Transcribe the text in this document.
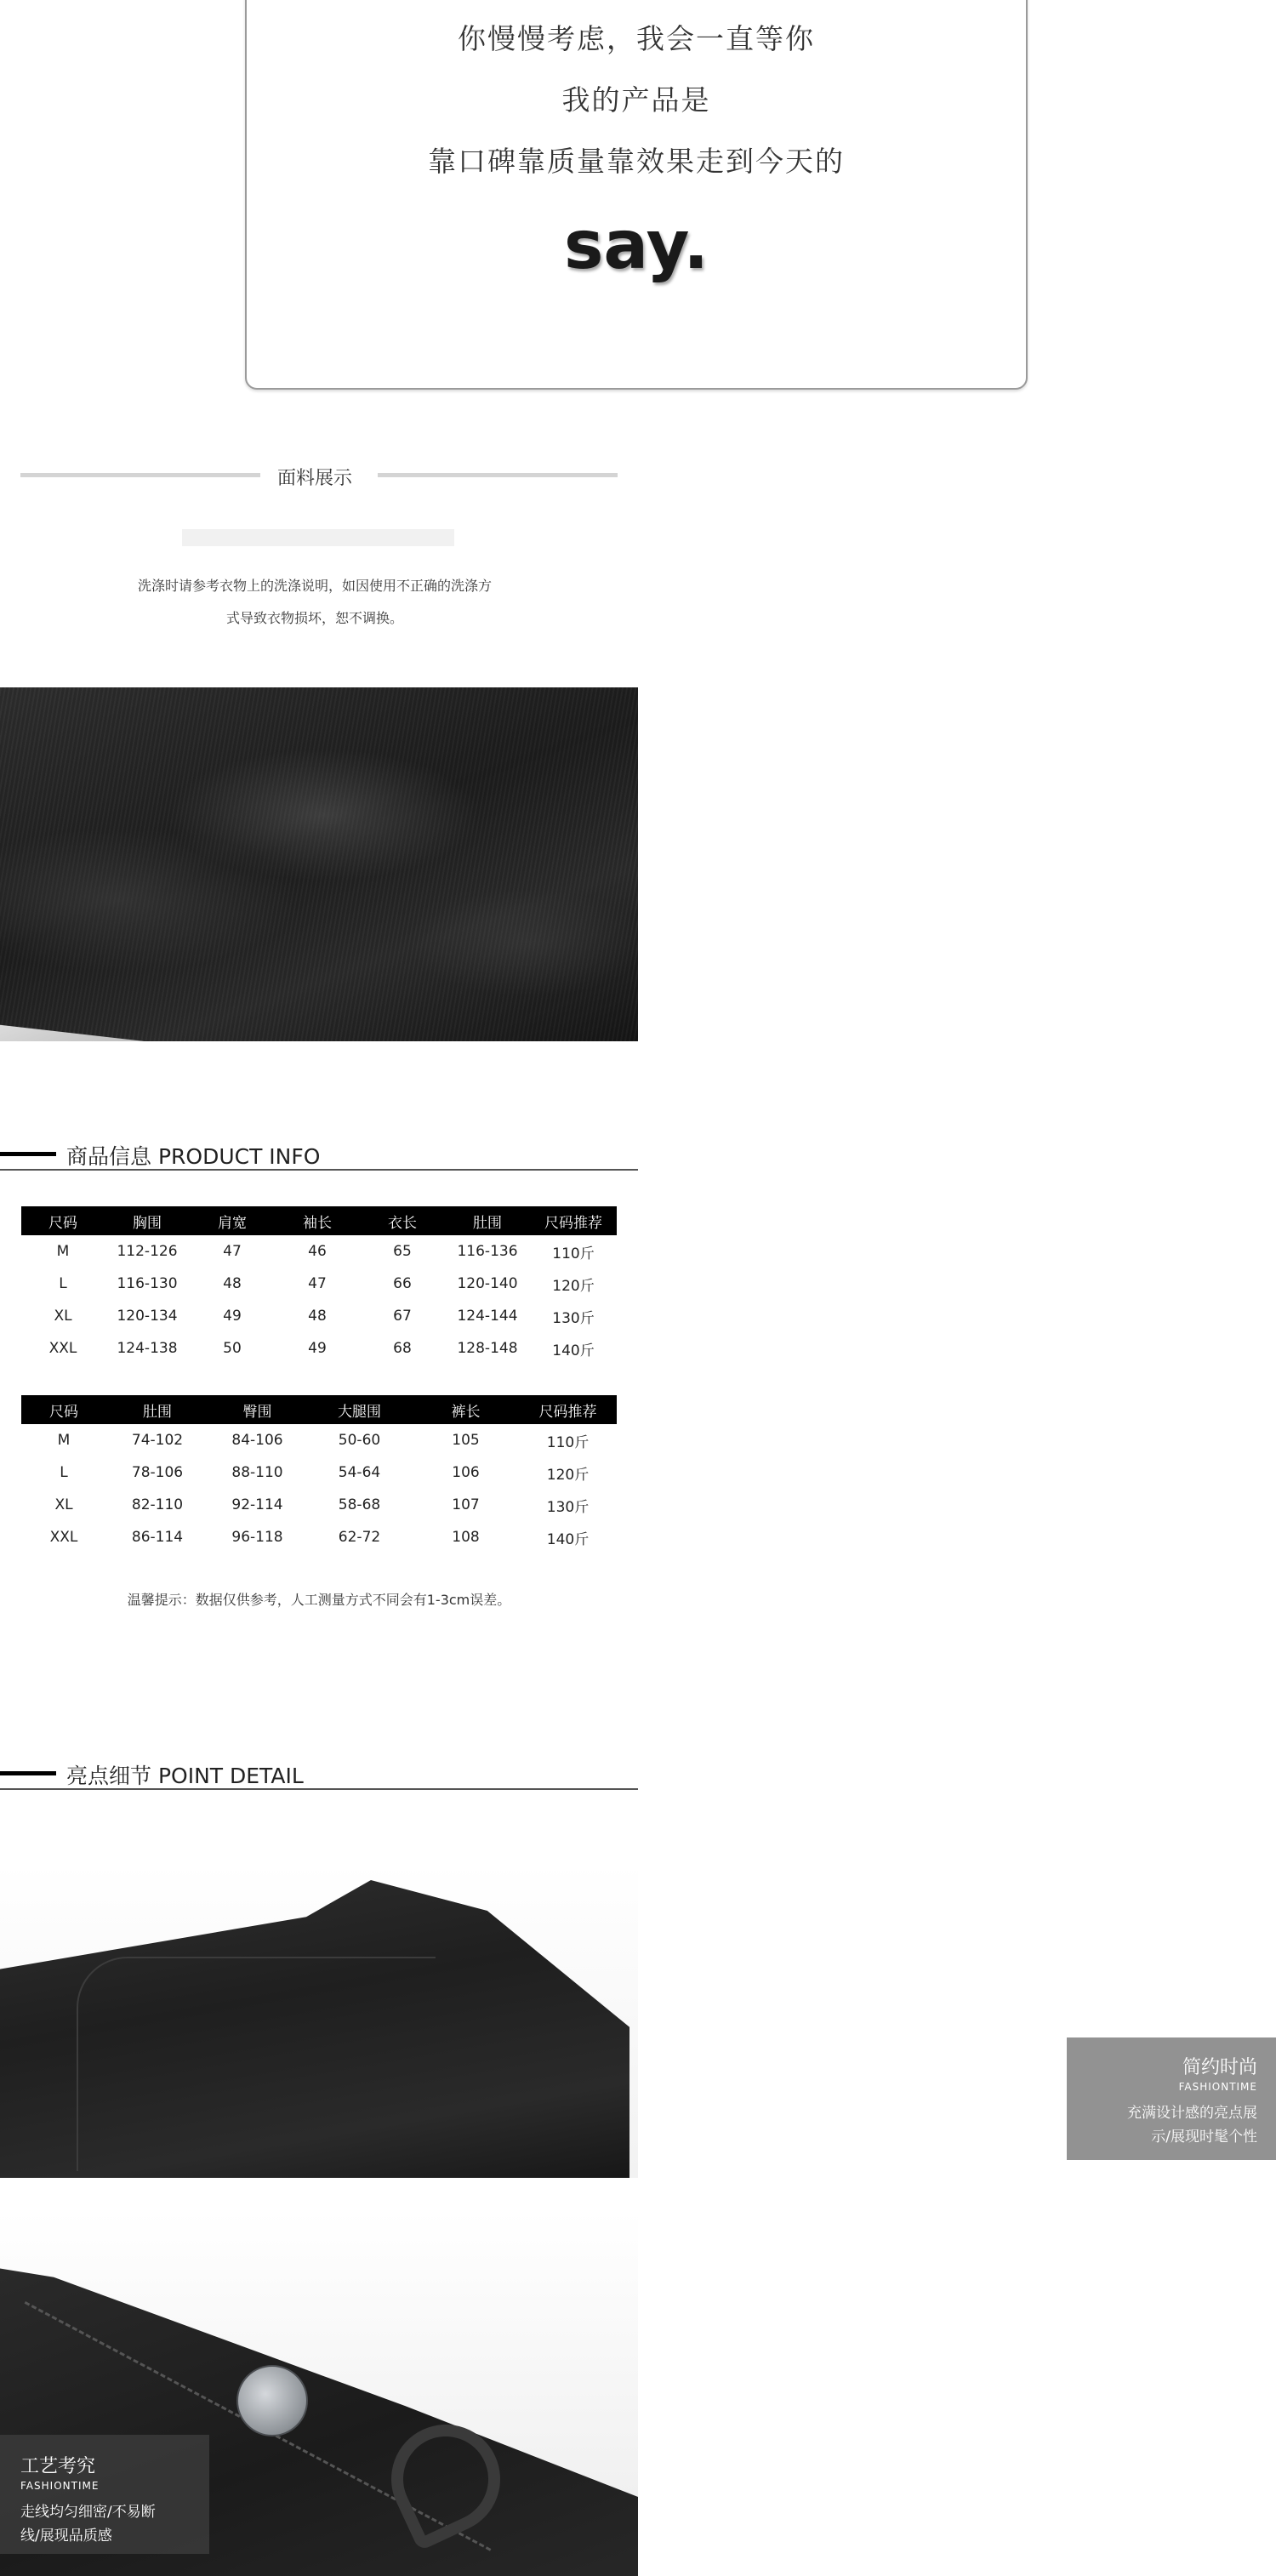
你慢慢考虑，我会一直等你
我的产品是
靠口碑靠质量靠效果走到今天的
say.
面料展示
洗涤时请参考衣物上的洗涤说明，如因使用不正确的洗涤方
式导致衣物损坏，恕不调换。
商品信息 PRODUCT INFO
尺码	胸围	肩宽	袖长	衣长	肚围	尺码推荐
M	112-126	47	46	65	116-136	110斤
L	116-130	48	47	66	120-140	120斤
XL	120-134	49	48	67	124-144	130斤
XXL	124-138	50	49	68	128-148	140斤
尺码	肚围	臀围	大腿围	裤长	尺码推荐
M	74-102	84-106	50-60	105	110斤
L	78-106	88-110	54-64	106	120斤
XL	82-110	92-114	58-68	107	130斤
XXL	86-114	96-118	62-72	108	140斤
温馨提示：数据仅供参考，人工测量方式不同会有1-3cm误差。
亮点细节 POINT DETAIL
简约时尚
FASHIONTIME
充满设计感的亮点展
示/展现时髦个性
工艺考究
FASHIONTIME
走线均匀细密/不易断
线/展现品质感
